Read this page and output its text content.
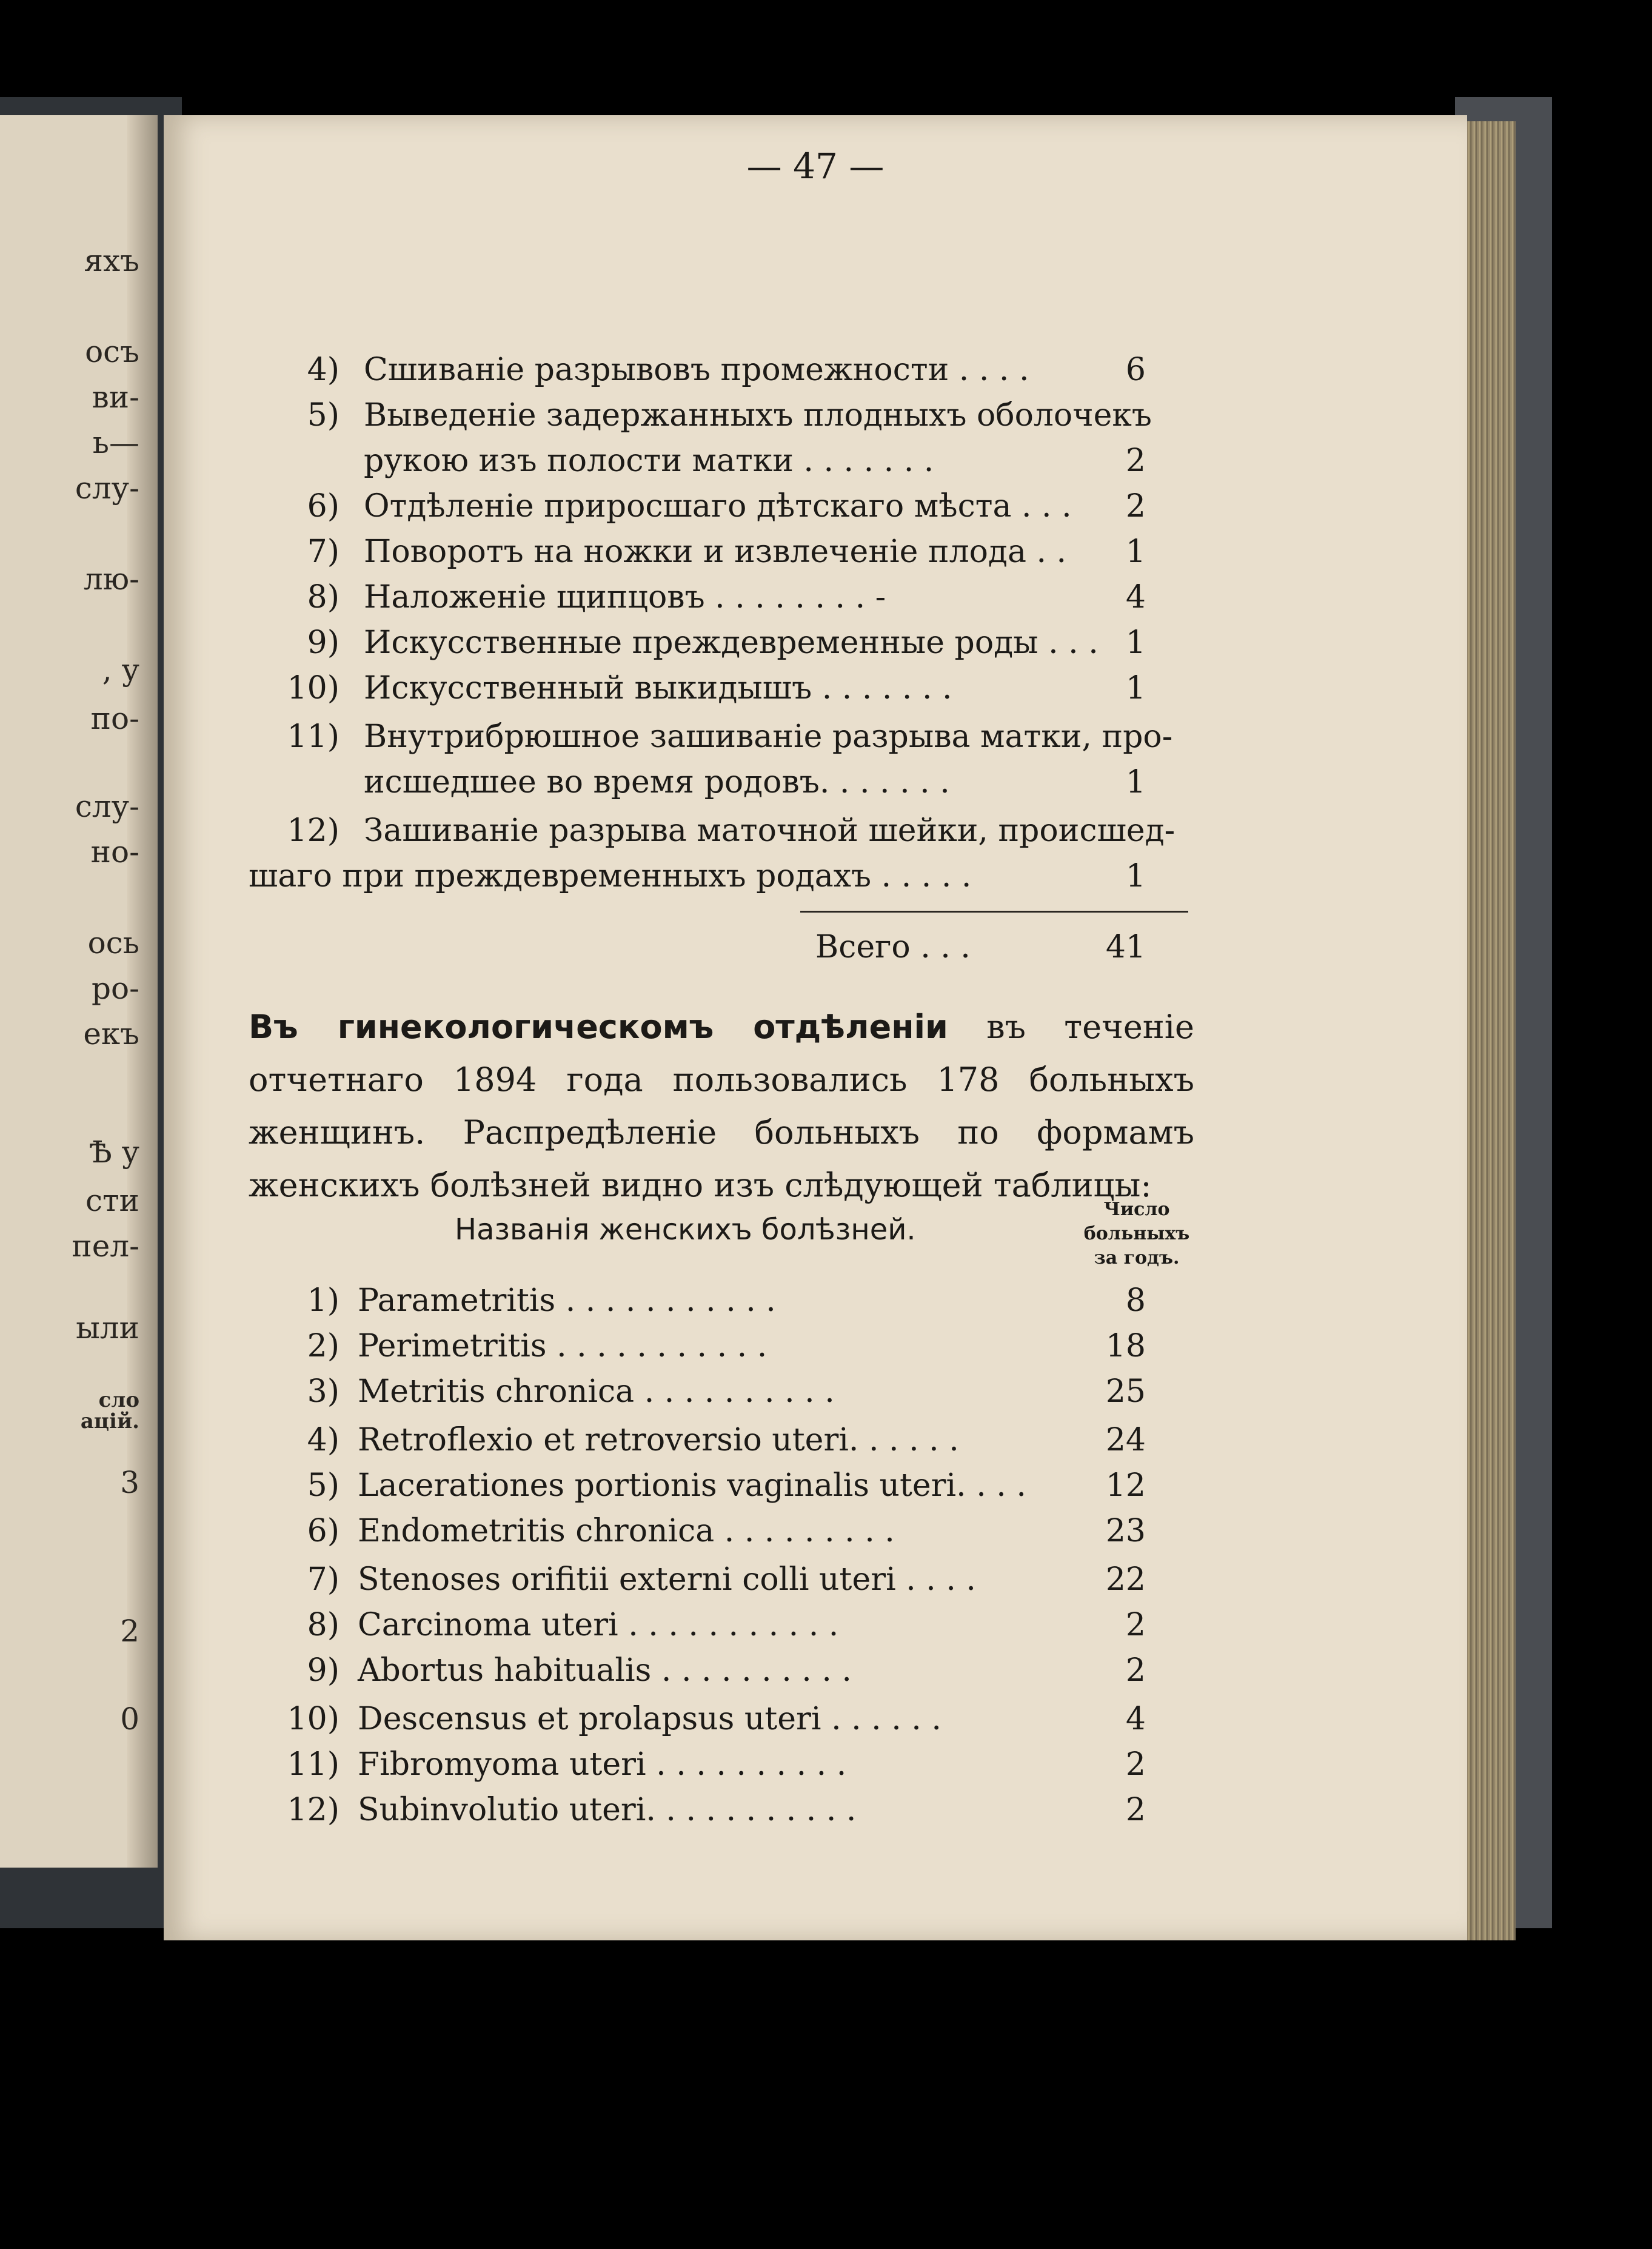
яхъ
осъ
ви-
ь—
слу-
лю-
, у
по-
слу-
но-
ось
ро-
екъ
Ѣ у
сти
пел-
ыли
сло
ацій.
3
2
0
— 47 —
4) Сшиваніе разрывовъ промежности . . . .	6
5) Выведеніе задержанныхъ плодныхъ оболочекъ
рукою изъ полости матки . . . . . . .	2
6) Отдѣленіе приросшаго дѣтскаго мѣста . . .	2
7) Поворотъ на ножки и извлеченіе плода . .	1
8) Наложеніе щипцовъ . . . . . . . . -	4
9) Искусственные преждевременные роды . . . 1
10) Искусственный выкидышъ . . . . . . .	1
11) Внутрибрюшное зашиваніе разрыва матки, про-
исшедшее во время родовъ. . . . . . .	1
12) Зашиваніе разрыва маточной шейки, происшед-
шаго при преждевременныхъ родахъ . . . . .	1
Всего . . .	41
Въ гинекологическомъ отдѣленіи въ теченіе отчетнаго 1894 года пользовались 178 больныхъ женщинъ. Распредѣленіе больныхъ по формамъ женскихъ болѣзней видно изъ слѣдующей таблицы:
Названія женскихъ болѣзней.
Число
больныхъ
за годъ.
1) Parametritis . . . . . . . . . . .	8
2) Perimetritis . . . . . . . . . . .	18
3) Metritis chronica . . . . . . . . . .	25
4) Retroflexio et retroversio uteri. . . . . .	24
5) Lacerationes portionis vaginalis uteri. . . .	12
6) Endometritis chronica . . . . . . . . .	23
7) Stenoses orifitii externi colli uteri . . . .	22
8) Carcinoma uteri . . . . . . . . . . .	2
9) Abortus habitualis . . . . . . . . . .	2
10) Descensus et prolapsus uteri . . . . . .	4
11) Fibromyoma uteri . . . . . . . . . .	2
12) Subinvolutio uteri. . . . . . . . . . .	2
